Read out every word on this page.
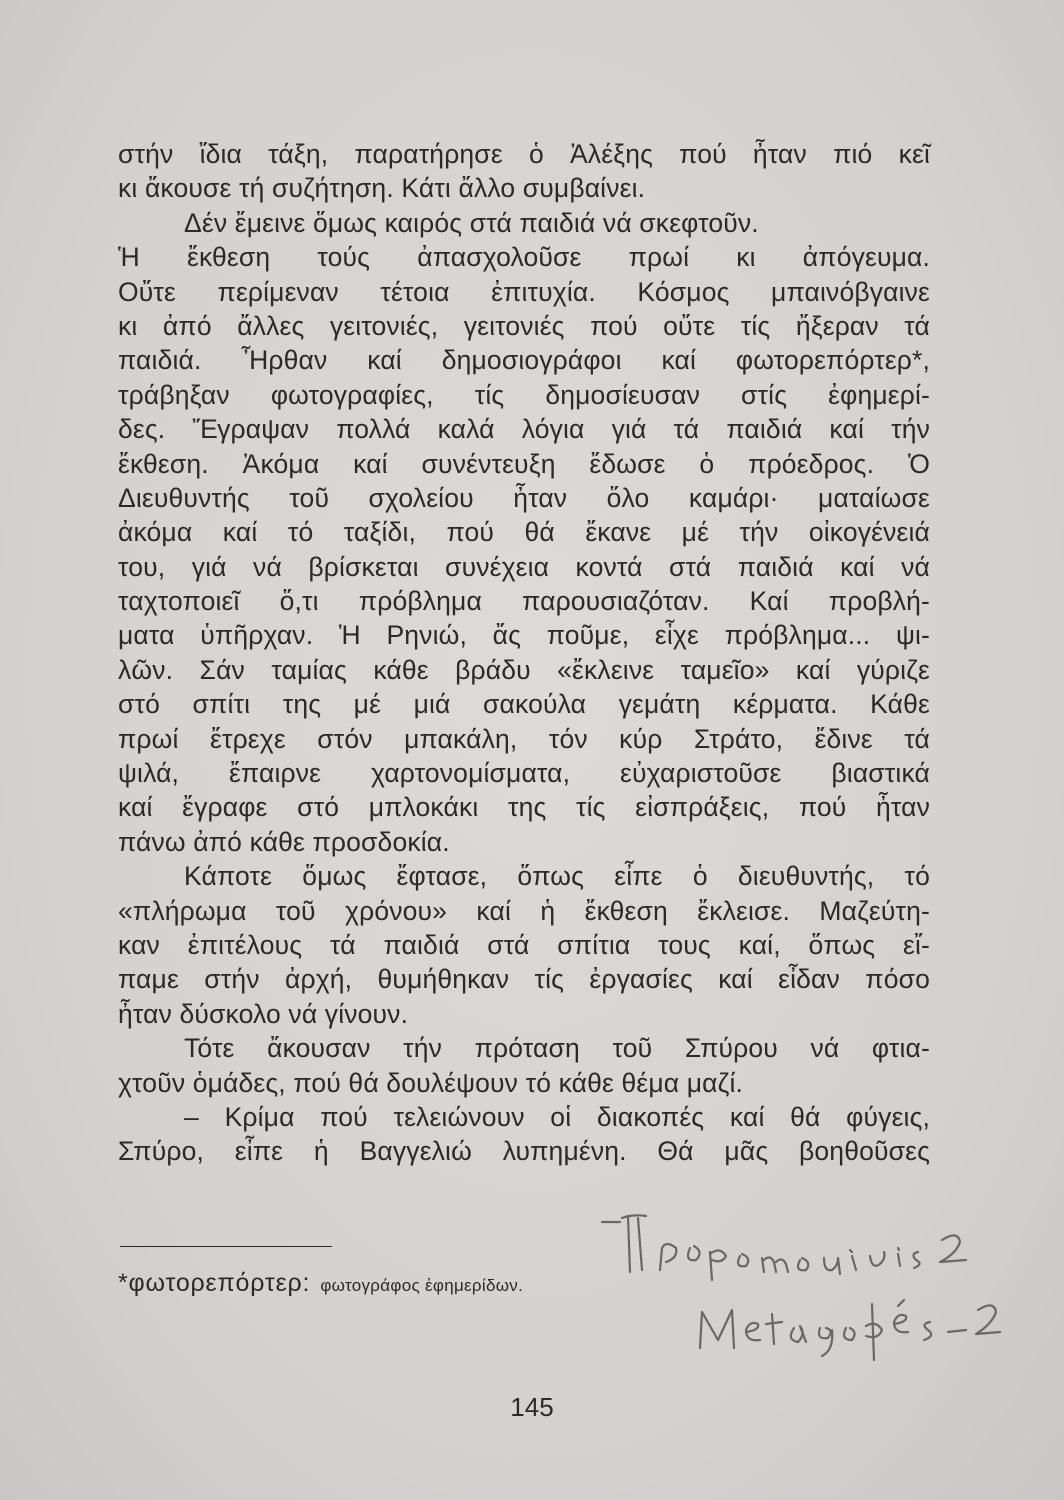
στήν ἴδια τάξη, παρατήρησε ὁ Ἀλέξης πού ἦταν πιό κεῖ
κι ἄκουσε τή συζήτηση. Κάτι ἄλλο συμβαίνει.
Δέν ἔμεινε ὅμως καιρός στά παιδιά νά σκεφτοῦν.
Ἡ ἔκθεση τούς ἀπασχολοῦσε πρωί κι ἀπόγευμα.
Οὔτε περίμεναν τέτοια ἐπιτυχία. Κόσμος μπαινόβγαινε
κι ἀπό ἄλλες γειτονιές, γειτονιές πού οὔτε τίς ἤξεραν τά
παιδιά. Ἦρθαν καί δημοσιογράφοι καί φωτορεπόρτερ*,
τράβηξαν φωτογραφίες, τίς δημοσίευσαν στίς ἐφημερί-
δες. Ἔγραψαν πολλά καλά λόγια γιά τά παιδιά καί τήν
ἔκθεση. Ἀκόμα καί συνέντευξη ἔδωσε ὁ πρόεδρος. Ὁ
Διευθυντής τοῦ σχολείου ἦταν ὅλο καμάρι· ματαίωσε
ἀκόμα καί τό ταξίδι, πού θά ἔκανε μέ τήν οἰκογένειά
του, γιά νά βρίσκεται συνέχεια κοντά στά παιδιά καί νά
ταχτοποιεῖ ὅ,τι πρόβλημα παρουσιαζόταν. Καί προβλή-
ματα ὑπῆρχαν. Ἡ Ρηνιώ, ἄς ποῦμε, εἶχε πρόβλημα... ψι-
λῶν. Σάν ταμίας κάθε βράδυ «ἔκλεινε ταμεῖο» καί γύριζε
στό σπίτι της μέ μιά σακούλα γεμάτη κέρματα. Κάθε
πρωί ἔτρεχε στόν μπακάλη, τόν κύρ Στράτο, ἔδινε τά
ψιλά, ἔπαιρνε χαρτονομίσματα, εὐχαριστοῦσε βιαστικά
καί ἔγραφε στό μπλοκάκι της τίς εἰσπράξεις, πού ἦταν
πάνω ἀπό κάθε προσδοκία.
Κάποτε ὅμως ἔφτασε, ὅπως εἶπε ὁ διευθυντής, τό
«πλήρωμα τοῦ χρόνου» καί ἡ ἔκθεση ἔκλεισε. Μαζεύτη-
καν ἐπιτέλους τά παιδιά στά σπίτια τους καί, ὅπως εἴ-
παμε στήν ἀρχή, θυμήθηκαν τίς ἐργασίες καί εἶδαν πόσο
ἦταν δύσκολο νά γίνουν.
Τότε ἄκουσαν τήν πρόταση τοῦ Σπύρου νά φτια-
χτοῦν ὁμάδες, πού θά δουλέψουν τό κάθε θέμα μαζί.
– Κρίμα πού τελειώνουν οἱ διακοπές καί θά φύγεις,
Σπύρο, εἶπε ἡ Βαγγελιώ λυπημένη. Θά μᾶς βοηθοῦσες
*φωτορεπόρτερ: φωτογράφος ἐφημερίδων.
145
